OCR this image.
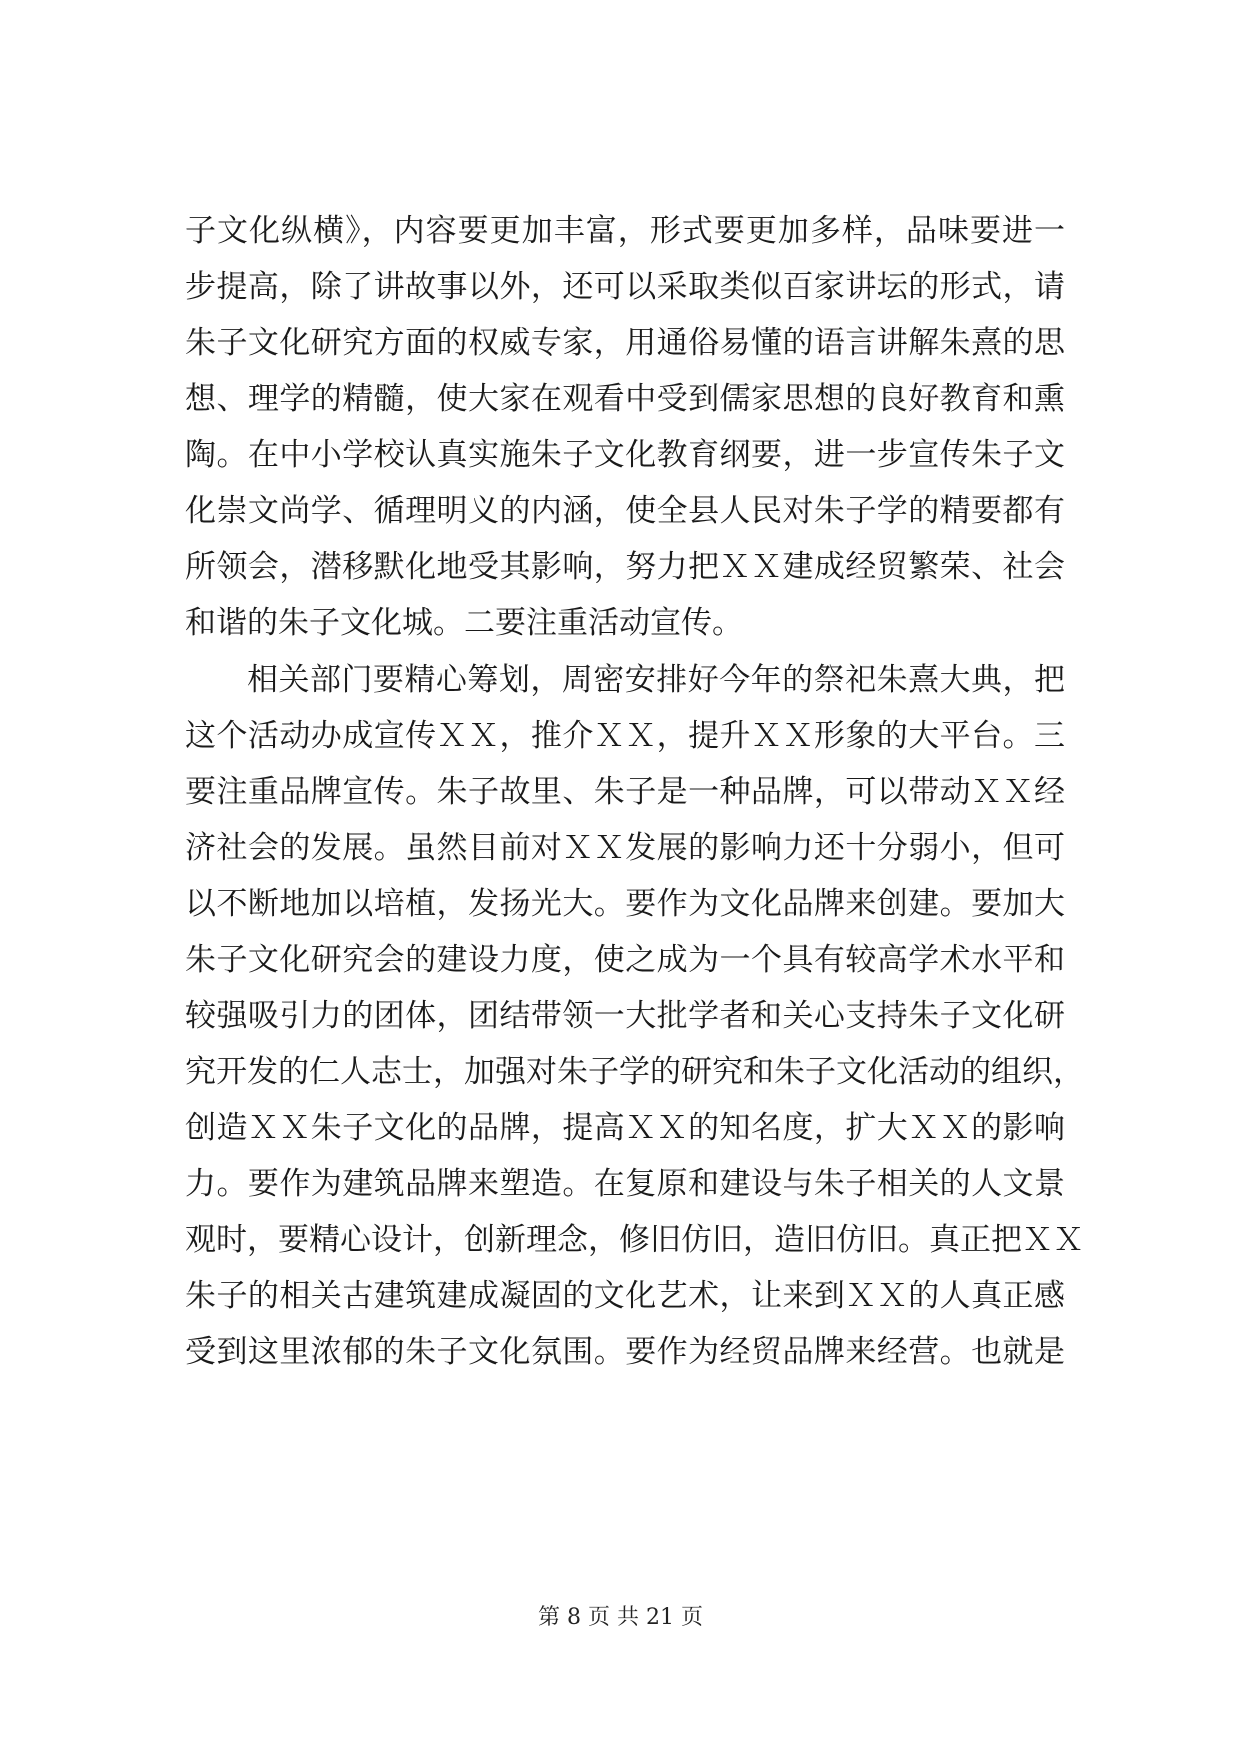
子文化纵横》，内容要更加丰富，形式要更加多样，品味要进一
步提高，除了讲故事以外，还可以采取类似百家讲坛的形式，请
朱子文化研究方面的权威专家，用通俗易懂的语言讲解朱熹的思
想、理学的精髓，使大家在观看中受到儒家思想的良好教育和熏
陶。在中小学校认真实施朱子文化教育纲要，进一步宣传朱子文
化崇文尚学、循理明义的内涵，使全县人民对朱子学的精要都有
所领会，潜移默化地受其影响，努力把ＸＸ建成经贸繁荣、社会
和谐的朱子文化城。二要注重活动宣传。
相关部门要精心筹划，周密安排好今年的祭祀朱熹大典，把
这个活动办成宣传ＸＸ，推介ＸＸ，提升ＸＸ形象的大平台。三
要注重品牌宣传。朱子故里、朱子是一种品牌，可以带动ＸＸ经
济社会的发展。虽然目前对ＸＸ发展的影响力还十分弱小，但可
以不断地加以培植，发扬光大。要作为文化品牌来创建。要加大
朱子文化研究会的建设力度，使之成为一个具有较高学术水平和
较强吸引力的团体，团结带领一大批学者和关心支持朱子文化研
究开发的仁人志士，加强对朱子学的研究和朱子文化活动的组织，
创造ＸＸ朱子文化的品牌，提高ＸＸ的知名度，扩大ＸＸ的影响
力。要作为建筑品牌来塑造。在复原和建设与朱子相关的人文景
观时，要精心设计，创新理念，修旧仿旧，造旧仿旧。真正把ＸＸ
朱子的相关古建筑建成凝固的文化艺术，让来到ＸＸ的人真正感
受到这里浓郁的朱子文化氛围。要作为经贸品牌来经营。也就是
第 8 页 共 21 页
